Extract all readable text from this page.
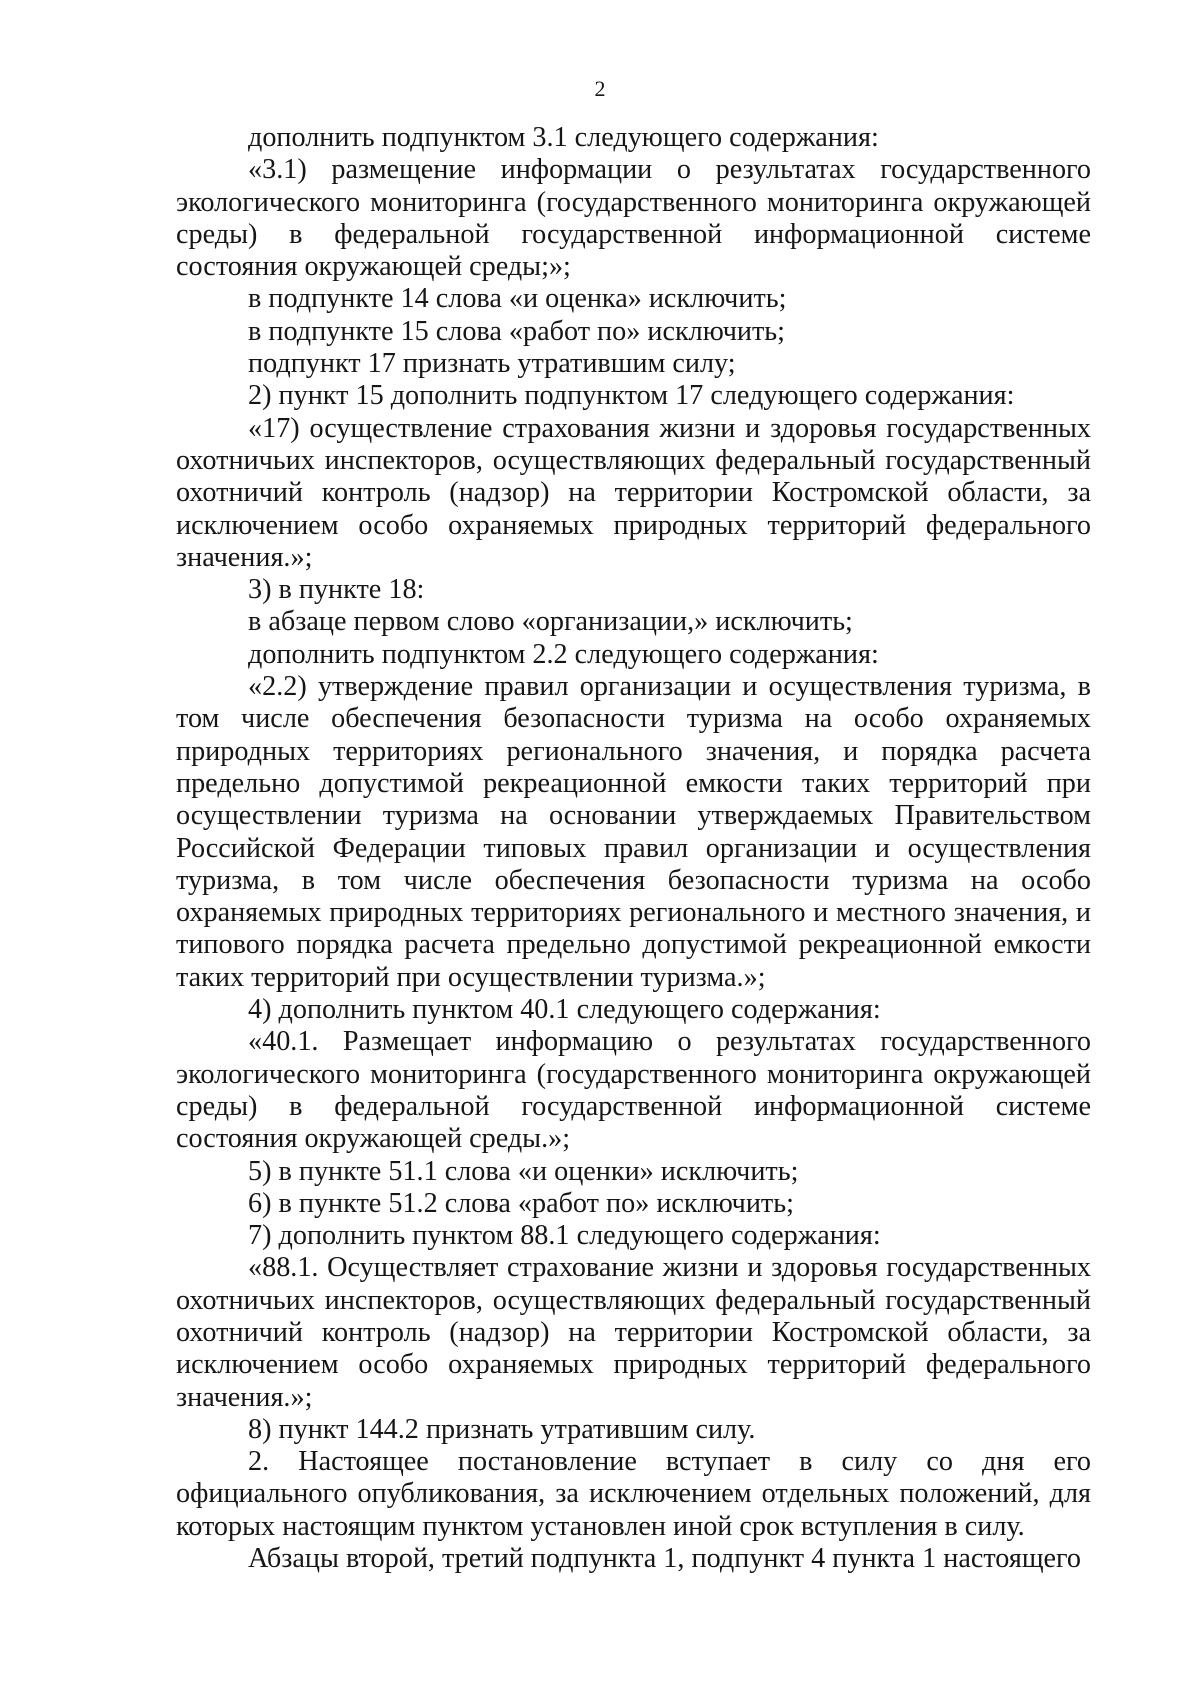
2

дополнить подпунктом 3.1 следующего содержания:

«3.1) размещение информации о результатах государственного экологического мониторинга (государственного мониторинга окружающей среды) в федеральной государственной информационной системе состояния окружающей среды;»;

в подпункте 14 слова «и оценка» исключить;

в подпункте 15 слова «работ по» исключить;

подпункт 17 признать утратившим силу;

2) пункт 15 дополнить подпунктом 17 следующего содержания:

«17) осуществление страхования жизни и здоровья государственных охотничьих инспекторов, осуществляющих федеральный государственный охотничий контроль (надзор) на территории Костромской области, за исключением особо охраняемых природных территорий федерального значения.»;

3) в пункте 18:

в абзаце первом слово «организации,» исключить;

дополнить подпунктом 2.2 следующего содержания:

«2.2) утверждение правил организации и осуществления туризма, в том числе обеспечения безопасности туризма на особо охраняемых природных территориях регионального значения, и порядка расчета предельно допустимой рекреационной емкости таких территорий при осуществлении туризма на основании утверждаемых Правительством Российской Федерации типовых правил организации и осуществления туризма, в том числе обеспечения безопасности туризма на особо охраняемых природных территориях регионального и местного значения, и типового порядка расчета предельно допустимой рекреационной емкости таких территорий при осуществлении туризма.»;

4) дополнить пунктом 40.1 следующего содержания:

«40.1. Размещает информацию о результатах государственного экологического мониторинга (государственного мониторинга окружающей среды) в федеральной государственной информационной системе состояния окружающей среды.»;

5) в пункте 51.1 слова «и оценки» исключить;

6) в пункте 51.2 слова «работ по» исключить;

7) дополнить пунктом 88.1 следующего содержания:

«88.1. Осуществляет страхование жизни и здоровья государственных охотничьих инспекторов, осуществляющих федеральный государственный охотничий контроль (надзор) на территории Костромской области, за исключением особо охраняемых природных территорий федерального значения.»;

8) пункт 144.2 признать утратившим силу.

2. Настоящее постановление вступает в силу со дня его официального опубликования, за исключением отдельных положений, для которых настоящим пунктом установлен иной срок вступления в силу.

Абзацы второй, третий подпункта 1, подпункт 4 пункта 1 настоящего
